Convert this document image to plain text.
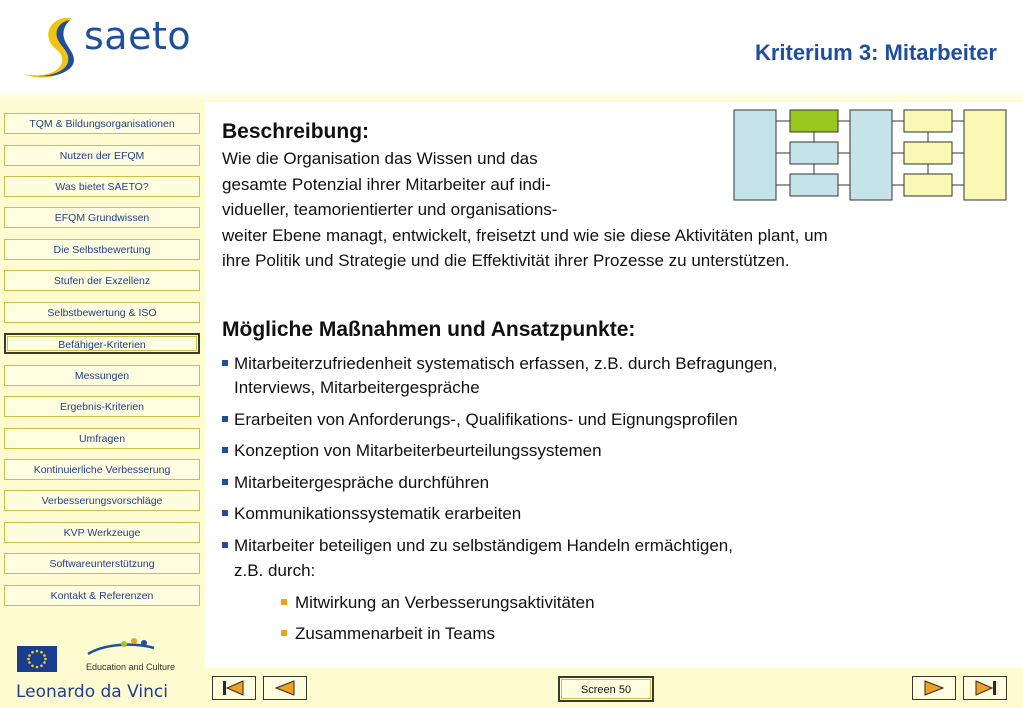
saeto	Kriterium 3: Mitarbeiter
TQM & Bildungsorganisationen
Nutzen der EFQM
Was bietet SAETO?
EFQM Grundwissen
Die Selbstbewertung
Stufen der Exzellenz
Selbstbewertung & ISO
Befähiger-Kriterien
Messungen
Ergebnis-Kriterien
Umfragen
Kontinuierliche Verbesserung
Verbesserungsvorschläge
KVP Werkzeuge
Softwareunterstützung
Kontakt & Referenzen
Education and Culture
Leonardo da Vinci
Beschreibung:
Wie die Organisation das Wissen und das
gesamte Potenzial ihrer Mitarbeiter auf indi-
vidueller, teamorientierter und organisations-
weiter Ebene managt, entwickelt, freisetzt und wie sie diese Aktivitäten plant, um
ihre Politik und Strategie und die Effektivität ihrer Prozesse zu unterstützen.
Mögliche Maßnahmen und Ansatzpunkte:
Mitarbeiterzufriedenheit systematisch erfassen, z.B. durch Befragungen,
Interviews, Mitarbeitergespräche
Erarbeiten von Anforderungs-, Qualifikations- und Eignungsprofilen
Konzeption von Mitarbeiterbeurteilungssystemen
Mitarbeitergespräche durchführen
Kommunikationssystematik erarbeiten
Mitarbeiter beteiligen und zu selbständigem Handeln ermächtigen,
z.B. durch:
Mitwirkung an Verbesserungsaktivitäten
Zusammenarbeit in Teams
Screen 50
